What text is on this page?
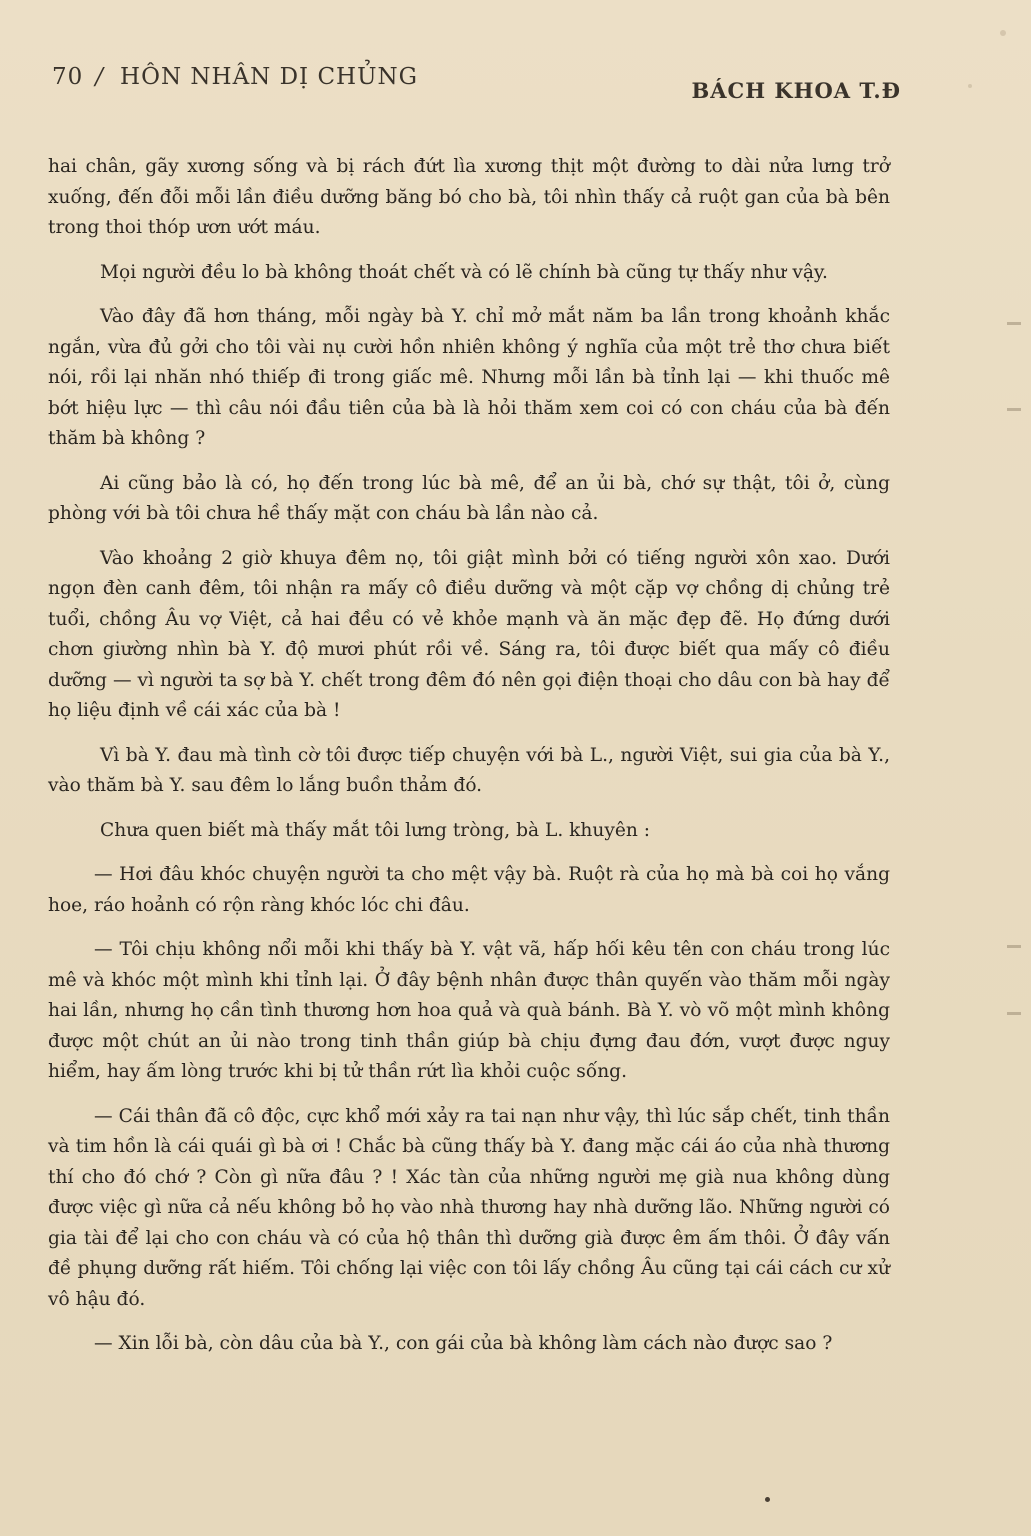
70 / HÔN NHÂN DỊ CHỦNG
BÁCH KHOA T.Đ

hai chân, gãy xương sống và bị rách đứt lìa xương thịt một đường to dài nửa lưng trở xuống, đến đỗi mỗi lần điều dưỡng băng bó cho bà, tôi nhìn thấy cả ruột gan của bà bên trong thoi thóp ươn ướt máu.

Mọi người đều lo bà không thoát chết và có lẽ chính bà cũng tự thấy như vậy.

Vào đây đã hơn tháng, mỗi ngày bà Y. chỉ mở mắt năm ba lần trong khoảnh khắc ngắn, vừa đủ gởi cho tôi vài nụ cười hồn nhiên không ý nghĩa của một trẻ thơ chưa biết nói, rồi lại nhăn nhó thiếp đi trong giấc mê. Nhưng mỗi lần bà tỉnh lại — khi thuốc mê bớt hiệu lực — thì câu nói đầu tiên của bà là hỏi thăm xem coi có con cháu của bà đến thăm bà không ?

Ai cũng bảo là có, họ đến trong lúc bà mê, để an ủi bà, chớ sự thật, tôi ở, cùng phòng với bà tôi chưa hề thấy mặt con cháu bà lần nào cả.

Vào khoảng 2 giờ khuya đêm nọ, tôi giật mình bởi có tiếng người xôn xao. Dưới ngọn đèn canh đêm, tôi nhận ra mấy cô điều dưỡng và một cặp vợ chồng dị chủng trẻ tuổi, chồng Âu vợ Việt, cả hai đều có vẻ khỏe mạnh và ăn mặc đẹp đẽ. Họ đứng dưới chơn giường nhìn bà Y. độ mươi phút rồi về. Sáng ra, tôi được biết qua mấy cô điều dưỡng — vì người ta sợ bà Y. chết trong đêm đó nên gọi điện thoại cho dâu con bà hay để họ liệu định về cái xác của bà !

Vì bà Y. đau mà tình cờ tôi được tiếp chuyện với bà L., người Việt, sui gia của bà Y., vào thăm bà Y. sau đêm lo lắng buồn thảm đó.

Chưa quen biết mà thấy mắt tôi lưng tròng, bà L. khuyên :

— Hơi đâu khóc chuyện người ta cho mệt vậy bà. Ruột rà của họ mà bà coi họ vắng hoe, ráo hoảnh có rộn ràng khóc lóc chi đâu.

— Tôi chịu không nổi mỗi khi thấy bà Y. vật vã, hấp hối kêu tên con cháu trong lúc mê và khóc một mình khi tỉnh lại. Ở đây bệnh nhân được thân quyến vào thăm mỗi ngày hai lần, nhưng họ cần tình thương hơn hoa quả và quà bánh. Bà Y. vò võ một mình không được một chút an ủi nào trong tinh thần giúp bà chịu đựng đau đớn, vượt được nguy hiểm, hay ấm lòng trước khi bị tử thần rứt lìa khỏi cuộc sống.

— Cái thân đã cô độc, cực khổ mới xảy ra tai nạn như vậy, thì lúc sắp chết, tinh thần và tim hồn là cái quái gì bà ơi ! Chắc bà cũng thấy bà Y. đang mặc cái áo của nhà thương thí cho đó chớ ? Còn gì nữa đâu ? ! Xác tàn của những người mẹ già nua không dùng được việc gì nữa cả nếu không bỏ họ vào nhà thương hay nhà dưỡng lão. Những người có gia tài để lại cho con cháu và có của hộ thân thì dưỡng già được êm ấm thôi. Ở đây vấn đề phụng dưỡng rất hiếm. Tôi chống lại việc con tôi lấy chồng Âu cũng tại cái cách cư xử vô hậu đó.

— Xin lỗi bà, còn dâu của bà Y., con gái của bà không làm cách nào được sao ?
